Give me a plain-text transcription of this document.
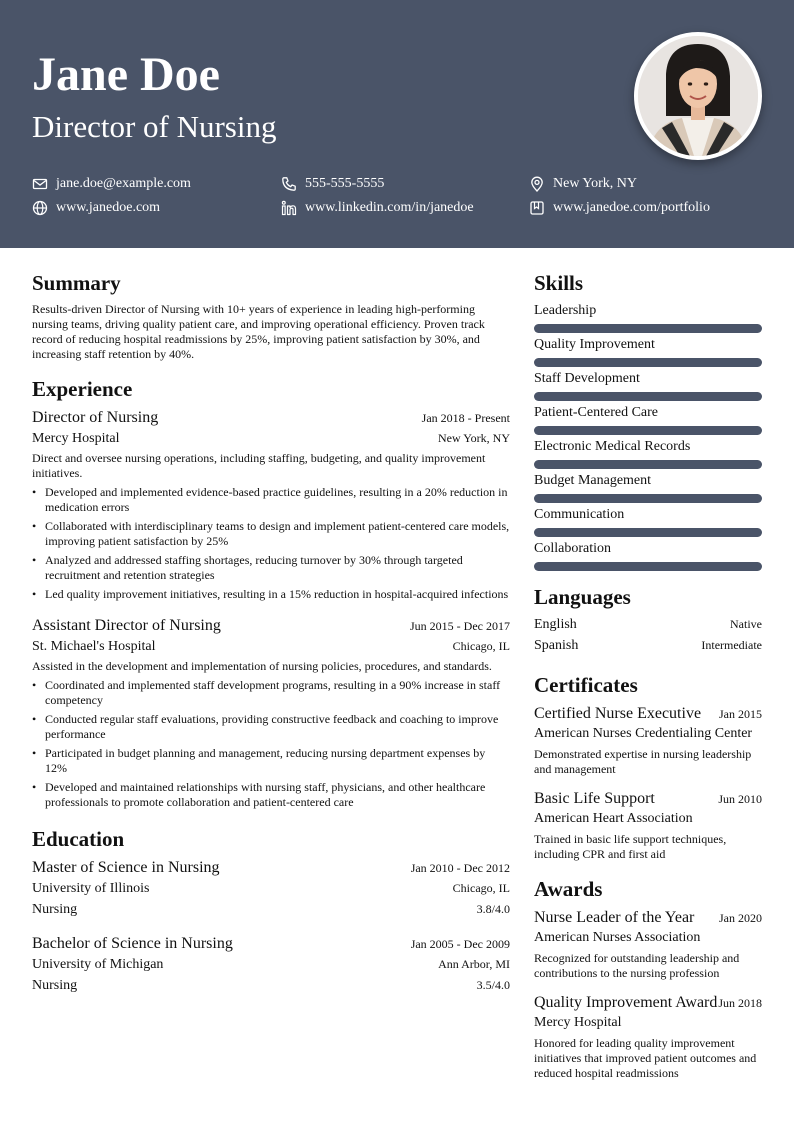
Jane Doe
Director of Nursing
jane.doe@example.com	555-555-5555	New York, NY
www.janedoe.com	www.linkedin.com/in/janedoe	www.janedoe.com/portfolio
Summary

Results-driven Director of Nursing with 10+ years of experience in leading high-performing nursing teams, driving quality patient care, and improving operational efficiency. Proven track record of reducing hospital readmissions by 25%, improving patient satisfaction by 30%, and increasing staff retention by 40%.

Experience
Director of Nursing	Jan 2018 - Present
Mercy Hospital	New York, NY

Direct and oversee nursing operations, including staffing, budgeting, and quality improvement initiatives.

• Developed and implemented evidence-based practice guidelines, resulting in a 20% reduction in medication errors
• Collaborated with interdisciplinary teams to design and implement patient-centered care models, improving patient satisfaction by 25%
• Analyzed and addressed staffing shortages, reducing turnover by 30% through targeted recruitment and retention strategies
• Led quality improvement initiatives, resulting in a 15% reduction in hospital-acquired infections
Assistant Director of Nursing	Jun 2015 - Dec 2017
St. Michael's Hospital	Chicago, IL

Assisted in the development and implementation of nursing policies, procedures, and standards.

• Coordinated and implemented staff development programs, resulting in a 90% increase in staff competency
• Conducted regular staff evaluations, providing constructive feedback and coaching to improve performance
• Participated in budget planning and management, reducing nursing department expenses by 12%
• Developed and maintained relationships with nursing staff, physicians, and other healthcare professionals to promote collaboration and patient-centered care
Education
Master of Science in Nursing	Jan 2010 - Dec 2012
University of Illinois	Chicago, IL
Nursing	3.8/4.0
Bachelor of Science in Nursing	Jan 2005 - Dec 2009
University of Michigan	Ann Arbor, MI
Nursing	3.5/4.0
Skills
Leadership
Quality Improvement
Staff Development
Patient-Centered Care
Electronic Medical Records
Budget Management
Communication
Collaboration
Languages
English	Native
Spanish	Intermediate
Certificates
Certified Nurse Executive Jan 2015
American Nurses Credentialing Center

Demonstrated expertise in nursing leadership and management

Basic Life Support	Jun 2010
American Heart Association

Trained in basic life support techniques, including CPR and first aid

Awards
Nurse Leader of the Year Jan 2020
American Nurses Association

Recognized for outstanding leadership and contributions to the nursing profession

Quality Improvement Award Jun 2018
Mercy Hospital

Honored for leading quality improvement initiatives that improved patient outcomes and reduced hospital readmissions
